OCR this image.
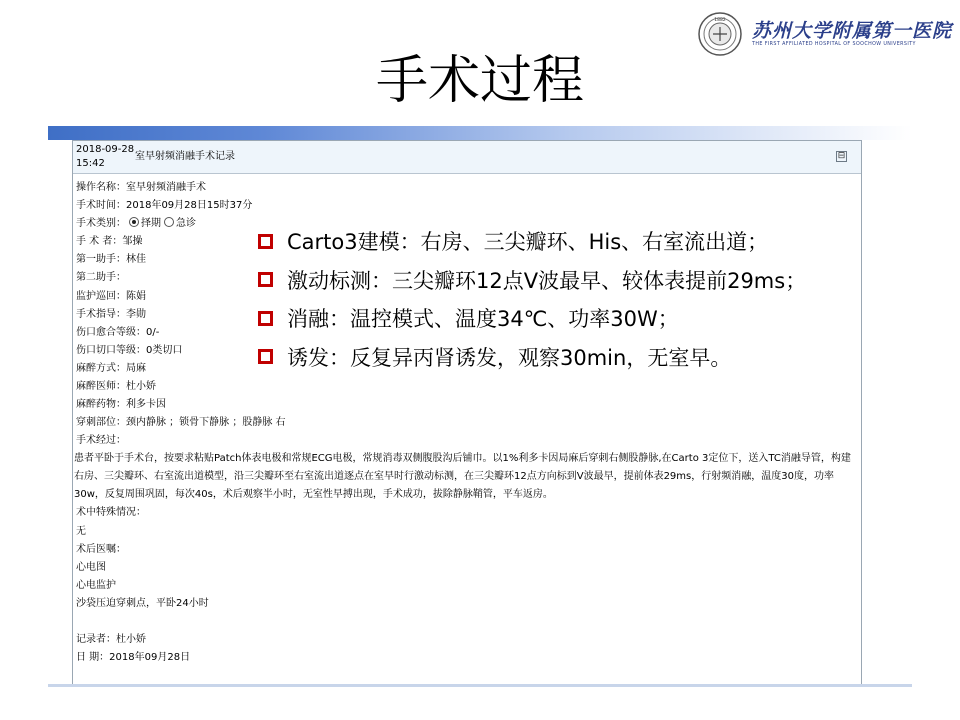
1882 苏州大学附属第一医院
THE FIRST AFFILIATED HOSPITAL OF SOOCHOW UNIVERSITY
手术过程
2018-09-28
15:42
室早射频消融手术记录	⊟
操作名称：室早射频消融手术
手术时间：2018年09月28日15时37分
手术类别： 择期 急诊
手 术 者：邹操
第一助手：林佳
第二助手：
监护巡回：陈娟
手术指导：李勋
伤口愈合等级：0/-
伤口切口等级：0类切口
麻醉方式：局麻
麻醉医师：杜小娇
麻醉药物：利多卡因
穿刺部位：颈内静脉 ；锁骨下静脉 ；股静脉 右
手术经过：
患者平卧于手术台，按要求粘贴Patch体表电极和常规ECG电极，常规消毒双侧腹股沟后铺巾。以1%利多卡因局麻后穿刺右侧股静脉,在Carto 3定位下，送入TC消融导管，构建右房、三尖瓣环、右室流出道模型，沿三尖瓣环至右室流出道逐点在室早时行激动标测，在三尖瓣环12点方向标到V波最早，提前体表29ms，行射频消融，温度30度，功率30w，反复周围巩固，每次40s，术后观察半小时，无室性早搏出现，手术成功，拔除静脉鞘管，平车返房。
术中特殊情况：
无
术后医嘱：
心电图
心电监护
沙袋压迫穿刺点，平卧24小时
记录者：杜小娇
日 期：2018年09月28日
Carto3建模：右房、三尖瓣环、His、右室流出道；
激动标测：三尖瓣环12点V波最早、较体表提前29ms；
消融：温控模式、温度34℃、功率30W；
诱发：反复异丙肾诱发，观察30min，无室早。
